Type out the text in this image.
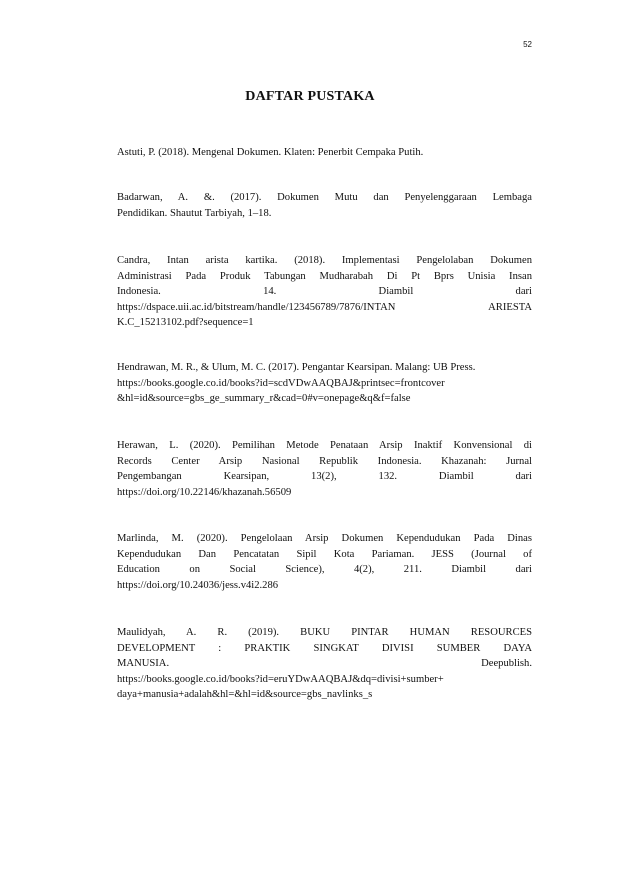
52
DAFTAR PUSTAKA
Astuti, P. (2018). Mengenal Dokumen. Klaten: Penerbit Cempaka Putih.
Badarwan, A. &. (2017). Dokumen Mutu dan Penyelenggaraan Lembaga
Pendidikan. Shautut Tarbiyah, 1–18.
Candra, Intan arista kartika. (2018). Implementasi Pengelolaban Dokumen
Administrasi Pada Produk Tabungan Mudharabah Di Pt Bprs Unisia Insan
Indonesia. 14. Diambil dari
https://dspace.uii.ac.id/bitstream/handle/123456789/7876/INTAN ARIESTA
K.C_15213102.pdf?sequence=1
Hendrawan, M. R., & Ulum, M. C. (2017). Pengantar Kearsipan. Malang: UB Press.
https://books.google.co.id/books?id=scdVDwAAQBAJ&printsec=frontcover
&hl=id&source=gbs_ge_summary_r&cad=0#v=onepage&q&f=false
Herawan, L. (2020). Pemilihan Metode Penataan Arsip Inaktif Konvensional di
Records Center Arsip Nasional Republik Indonesia. Khazanah: Jurnal
Pengembangan Kearsipan, 13(2), 132. Diambil dari
https://doi.org/10.22146/khazanah.56509
Marlinda, M. (2020). Pengelolaan Arsip Dokumen Kependudukan Pada Dinas
Kependudukan Dan Pencatatan Sipil Kota Pariaman. JESS (Journal of
Education on Social Science), 4(2), 211. Diambil dari
https://doi.org/10.24036/jess.v4i2.286
Maulidyah, A. R. (2019). BUKU PINTAR HUMAN RESOURCES
DEVELOPMENT : PRAKTIK SINGKAT DIVISI SUMBER DAYA
MANUSIA. Deepublish.
https://books.google.co.id/books?id=eruYDwAAQBAJ&dq=divisi+sumber+
daya+manusia+adalah&hl=&hl=id&source=gbs_navlinks_s
